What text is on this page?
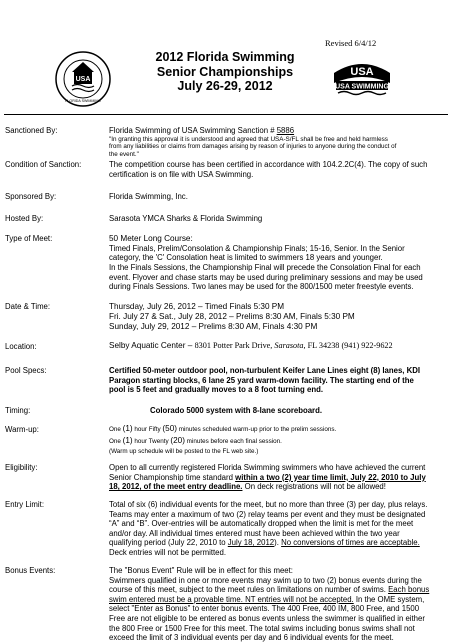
USA
FLORIDA SWIMMING
Revised 6/4/12
2012 Florida Swimming
Senior Championships
July 26-29, 2012
USA
USA SWIMMING
Sanctioned By:	Florida Swimming of USA Swimming Sanction # 5886
"In granting this approval it is understood and agreed that USA-S/FL shall be free and held harmless
from any liabilities or claims from damages arising by reason of injuries to anyone during the conduct of
the event."
Condition of Sanction:	The competition course has been certified in accordance with 104.2.2C(4). The copy of such
certification is on file with USA Swimming.
Sponsored By:	Florida Swimming, Inc.
Hosted By:	Sarasota YMCA Sharks & Florida Swimming
Type of Meet:	50 Meter Long Course:
Timed Finals, Prelim/Consolation & Championship Finals; 15-16, Senior. In the Senior
category, the 'C' Consolation heat is limited to swimmers 18 years and younger.
In the Finals Sessions, the Championship Final will precede the Consolation Final for each
event. Flyover and chase starts may be used during preliminary sessions and may be used
during Finals Sessions. Two lanes may be used for the 800/1500 meter freestyle events.
Date & Time:	Thursday, July 26, 2012 – Timed Finals 5:30 PM
Fri. July 27 & Sat., July 28, 2012 – Prelims 8:30 AM, Finals 5:30 PM
Sunday, July 29, 2012 – Prelims 8:30 AM, Finals 4:30 PM
Location:	Selby Aquatic Center – 8301 Potter Park Drive, Sarasota, FL 34238 (941) 922-9622
Pool Specs:	Certified 50-meter outdoor pool, non-turbulent Keifer Lane Lines eight (8) lanes, KDI
Paragon starting blocks, 6 lane 25 yard warm-down facility. The starting end of the
pool is 5 feet and gradually moves to a 8 foot turning end.
Timing:	Colorado 5000 system with 8-lane scoreboard.
Warm-up:	One (1) hour Fifty (50) minutes scheduled warm-up prior to the prelim sessions.
One (1) hour Twenty (20) minutes before each final session.
(Warm up schedule will be posted to the FL web site.)
Eligibility:	Open to all currently registered Florida Swimming swimmers who have achieved the current
Senior Championship time standard within a two (2) year time limit, July 22, 2010 to July
18, 2012, of the meet entry deadline. On deck registrations will not be allowed!
Entry Limit:	Total of six (6) individual events for the meet, but no more than three (3) per day, plus relays.
Teams may enter a maximum of two (2) relay teams per event and they must be designated
“A” and “B”. Over-entries will be automatically dropped when the limit is met for the meet
and/or day. All individual times entered must have been achieved within the two year
qualifying period (July 22, 2010 to July 18, 2012). No conversions of times are acceptable.
Deck entries will not be permitted.
Bonus Events:	The "Bonus Event" Rule will be in effect for this meet:
Swimmers qualified in one or more events may swim up to two (2) bonus events during the
course of this meet, subject to the meet rules on limitations on number of swims. Each bonus
swim entered must be a provable time. NT entries will not be accepted. In the OME system,
select "Enter as Bonus" to enter bonus events. The 400 Free, 400 IM, 800 Free, and 1500
Free are not eligible to be entered as bonus events unless the swimmer is qualified in either
the 800 Free or 1500 Free for this meet. The total swims including bonus swims shall not
exceed the limit of 3 individual events per day and 6 individual events for the meet.
